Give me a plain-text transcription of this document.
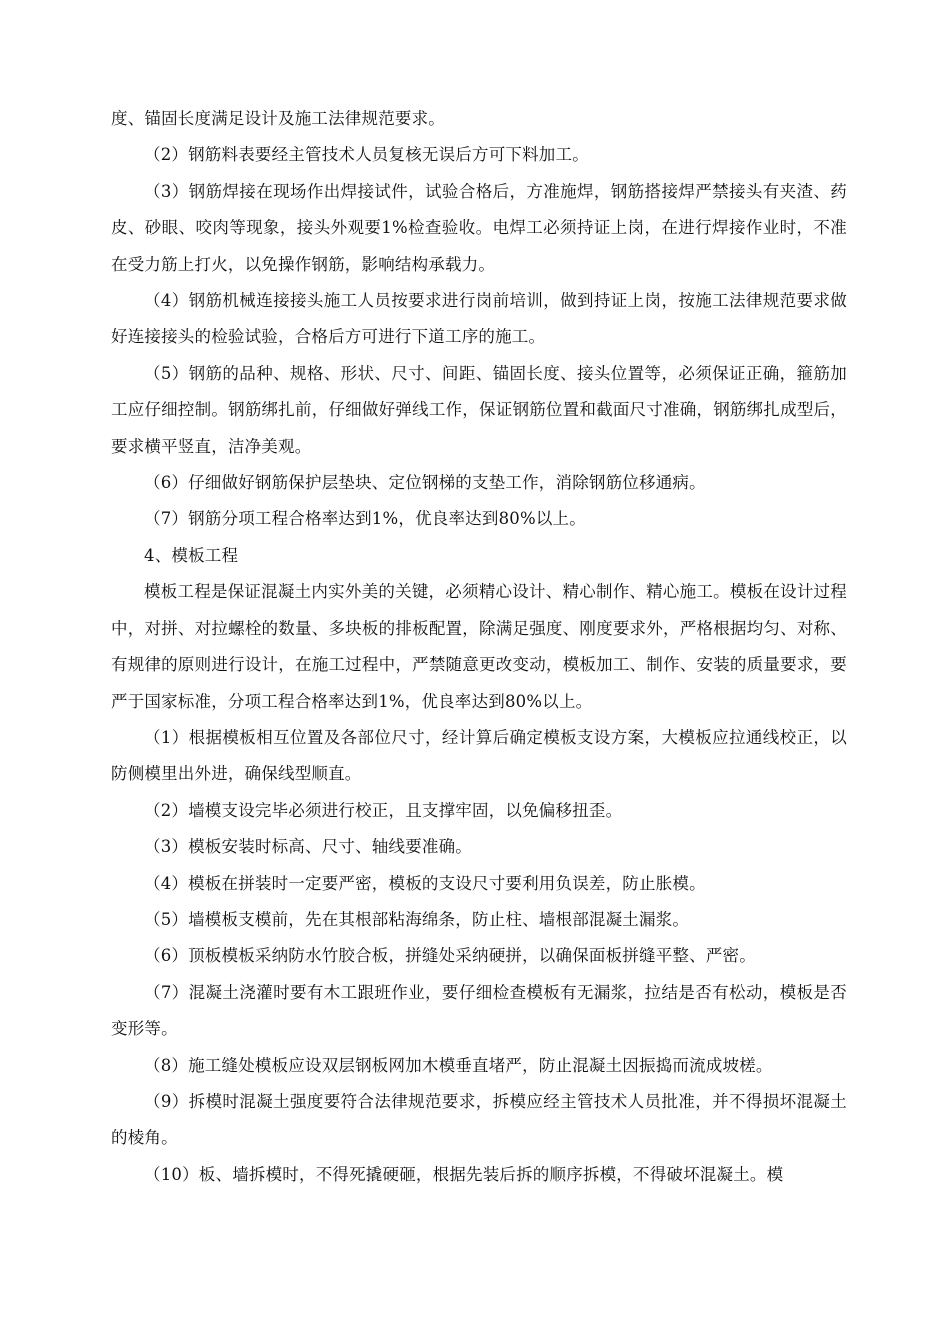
度、锚固长度满足设计及施工法律规范要求。

（2）钢筋料表要经主管技术人员复核无误后方可下料加工。

（3）钢筋焊接在现场作出焊接试件，试验合格后，方准施焊，钢筋搭接焊严禁接头有夹渣、药皮、砂眼、咬肉等现象，接头外观要1%检查验收。电焊工必须持证上岗，在进行焊接作业时，不准在受力筋上打火，以免操作钢筋，影响结构承载力。

（4）钢筋机械连接接头施工人员按要求进行岗前培训，做到持证上岗，按施工法律规范要求做好连接接头的检验试验，合格后方可进行下道工序的施工。

（5）钢筋的品种、规格、形状、尺寸、间距、锚固长度、接头位置等，必须保证正确，箍筋加工应仔细控制。钢筋绑扎前，仔细做好弹线工作，保证钢筋位置和截面尺寸准确，钢筋绑扎成型后，要求横平竖直，洁净美观。

（6）仔细做好钢筋保护层垫块、定位钢梯的支垫工作，消除钢筋位移通病。

（7）钢筋分项工程合格率达到1%，优良率达到80%以上。

4、模板工程

模板工程是保证混凝土内实外美的关键，必须精心设计、精心制作、精心施工。模板在设计过程中，对拼、对拉螺栓的数量、多块板的排板配置，除满足强度、刚度要求外，严格根据均匀、对称、有规律的原则进行设计，在施工过程中，严禁随意更改变动，模板加工、制作、安装的质量要求，要严于国家标准，分项工程合格率达到1%，优良率达到80%以上。

（1）根据模板相互位置及各部位尺寸，经计算后确定模板支设方案，大模板应拉通线校正，以防侧模里出外进，确保线型顺直。

（2）墙模支设完毕必须进行校正，且支撑牢固，以免偏移扭歪。

（3）模板安装时标高、尺寸、轴线要准确。

（4）模板在拼装时一定要严密，模板的支设尺寸要利用负误差，防止胀模。

（5）墙模板支模前，先在其根部粘海绵条，防止柱、墙根部混凝土漏浆。

（6）顶板模板采纳防水竹胶合板，拼缝处采纳硬拼，以确保面板拼缝平整、严密。

（7）混凝土浇灌时要有木工跟班作业，要仔细检查模板有无漏浆，拉结是否有松动，模板是否变形等。

（8）施工缝处模板应设双层钢板网加木模垂直堵严，防止混凝土因振捣而流成坡槎。

（9）拆模时混凝土强度要符合法律规范要求，拆模应经主管技术人员批准，并不得损坏混凝土的棱角。

（10）板、墙拆模时，不得死撬硬砸，根据先装后拆的顺序拆模，不得破坏混凝土。模
